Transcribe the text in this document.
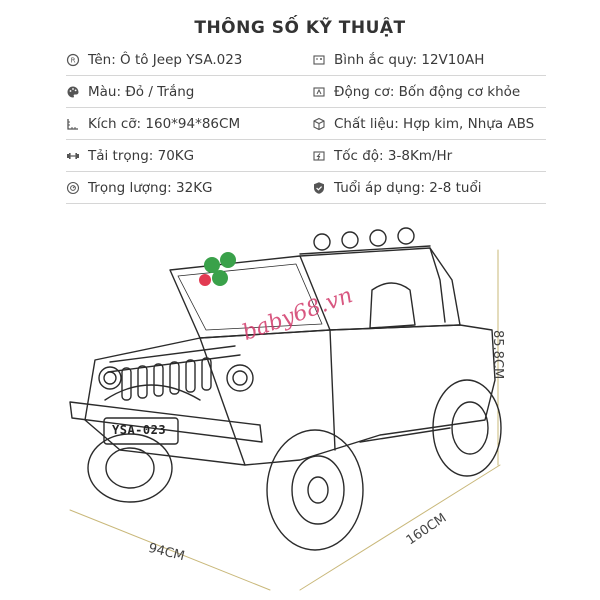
THÔNG SỐ KỸ THUẬT
R Tên: Ô tô Jeep YSA.023	Bình ắc quy: 12V10AH
Màu: Đỏ / Trắng	Động cơ: Bốn động cơ khỏe
Kích cỡ: 160*94*86CM	Chất liệu: Hợp kim, Nhựa ABS
Tải trọng: 70KG	Tốc độ: 3-8Km/Hr
Trọng lượng: 32KG	Tuổi áp dụng: 2-8 tuổi
baby68.vn
YSA-023
85.8CM
94CM
160CM
